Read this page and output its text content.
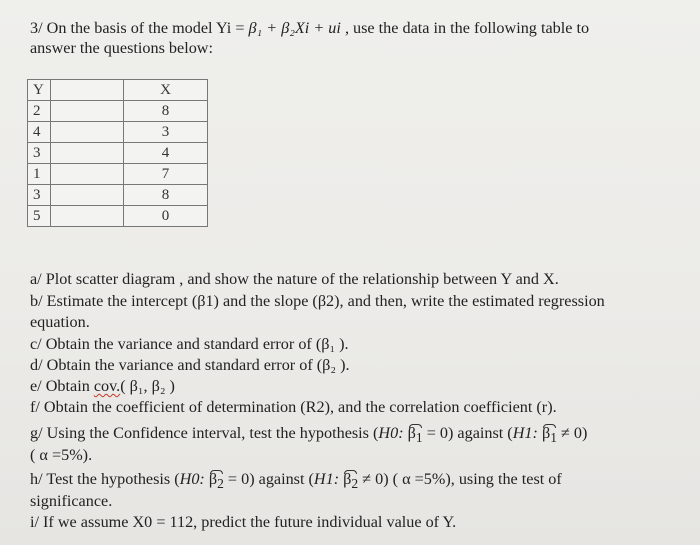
3/ On the basis of the model Yi = β₁ + β₂Xi + ui , use the data in the following table to
answer the questions below:
Y		X
2		8
4		3
3		4
1		7
3		8
5		0
a/ Plot scatter diagram , and show the nature of the relationship between Y and X.
b/ Estimate the intercept (β1) and the slope (β2), and then, write the estimated regression
equation.
c/ Obtain the variance and standard error of (β₁ ).
d/ Obtain the variance and standard error of (β₂ ).
e/ Obtain cov.( β₁, β₂ )
f/ Obtain the coefficient of determination (R2), and the correlation coefficient (r).
g/ Using the Confidence interval, test the hypothesis (H0: $\beta_1 = 0$) against (H1: $\beta_1 \ne 0$)
( α =5%).
h/ Test the hypothesis (H0: $\beta_2 = 0$) against (H1: $\beta_2 \ne 0$) ( α =5%), using the test of
significance.
i/ If we assume X0 = 112, predict the future individual value of Y.
